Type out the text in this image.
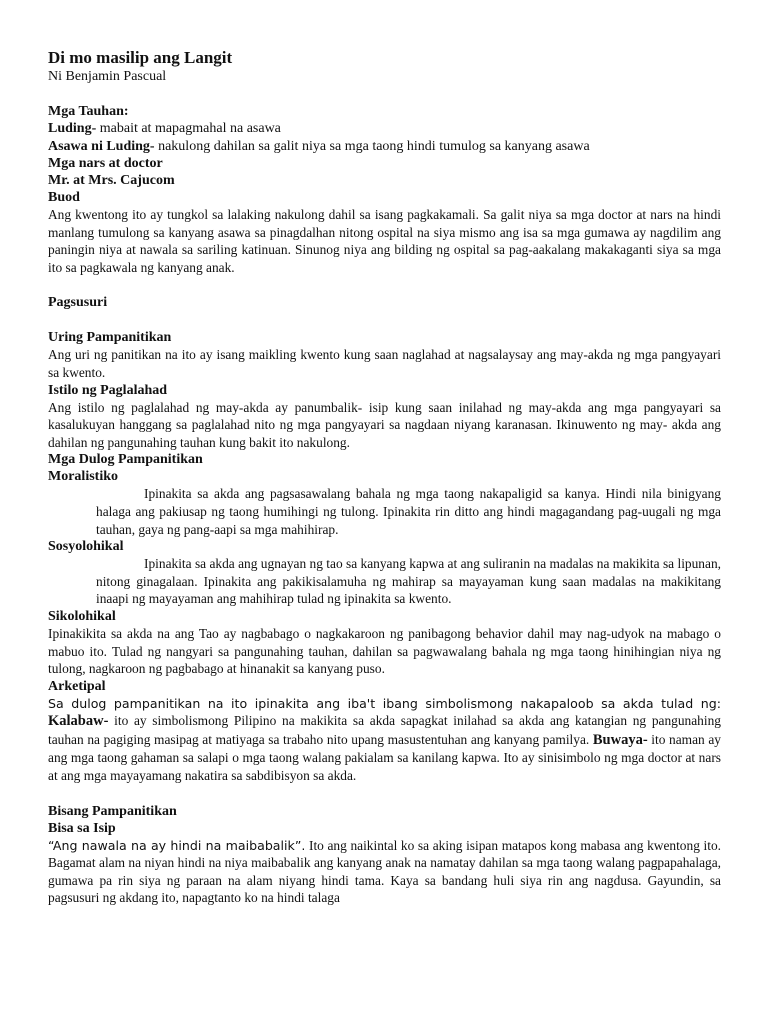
Di mo masilip ang Langit

Ni Benjamin Pascual

Mga Tauhan:

Luding- mabait at mapagmahal na asawa

Asawa ni Luding- nakulong dahilan sa galit niya sa mga taong hindi tumulog sa kanyang asawa

Mga nars at doctor

Mr. at Mrs. Cajucom

Buod

Ang kwentong ito ay tungkol sa lalaking nakulong dahil sa isang pagkakamali. Sa galit niya sa mga doctor at nars na hindi manlang tumulong sa kanyang asawa sa pinagdalhan nitong ospital na siya mismo ang isa sa mga gumawa ay nagdilim ang paningin niya at nawala sa sariling katinuan. Sinunog niya ang bilding ng ospital sa pag-aakalang makakaganti siya sa mga ito sa pagkawala ng kanyang anak.

Pagsusuri

Uring Pampanitikan

Ang uri ng panitikan na ito ay isang maikling kwento kung saan naglahad at nagsalaysay ang may-akda ng mga pangyayari sa kwento.

Istilo ng Paglalahad

Ang istilo ng paglalahad ng may-akda ay panumbalik- isip kung saan inilahad ng may-akda ang mga pangyayari sa kasalukuyan hanggang sa paglalahad nito ng mga pangyayari sa nagdaan niyang karanasan. Ikinuwento ng may- akda ang dahilan ng pangunahing tauhan kung bakit ito nakulong.

Mga Dulog Pampanitikan

Moralistiko

Ipinakita sa akda ang pagsasawalang bahala ng mga taong nakapaligid sa kanya. Hindi nila binigyang halaga ang pakiusap ng taong humihingi ng tulong. Ipinakita rin ditto ang hindi magagandang pag-uugali ng mga tauhan, gaya ng pang-aapi sa mga mahihirap.

Sosyolohikal

Ipinakita sa akda ang ugnayan ng tao sa kanyang kapwa at ang suliranin na madalas na makikita sa lipunan, nitong ginagalaan. Ipinakita ang pakikisalamuha ng mahirap sa mayayaman kung saan madalas na makikitang inaapi ng mayayaman ang mahihirap tulad ng ipinakita sa kwento.

Sikolohikal

Ipinakikita sa akda na ang Tao ay nagbabago o nagkakaroon ng panibagong behavior dahil may nag-udyok na mabago o mabuo ito. Tulad ng nangyari sa pangunahing tauhan, dahilan sa pagwawalang bahala ng mga taong hinihingian niya ng tulong, nagkaroon ng pagbabago at hinanakit sa kanyang puso.

Arketipal

Sa dulog pampanitikan na ito ipinakita ang iba't ibang simbolismong nakapaloob sa akda tulad ng: Kalabaw- ito ay simbolismong Pilipino na makikita sa akda sapagkat inilahad sa akda ang katangian ng pangunahing tauhan na pagiging masipag at matiyaga sa trabaho nito upang masustentuhan ang kanyang pamilya. Buwaya- ito naman ay ang mga taong gahaman sa salapi o mga taong walang pakialam sa kanilang kapwa. Ito ay sinisimbolo ng mga doctor at nars at ang mga mayayamang nakatira sa sabdibisyon sa akda.

Bisang Pampanitikan

Bisa sa Isip

“Ang nawala na ay hindi na maibabalik”. Ito ang naikintal ko sa aking isipan matapos kong mabasa ang kwentong ito. Bagamat alam na niyan hindi na niya maibabalik ang kanyang anak na namatay dahilan sa mga taong walang pagpapahalaga, gumawa pa rin siya ng paraan na alam niyang hindi tama. Kaya sa bandang huli siya rin ang nagdusa. Gayundin, sa pagsusuri ng akdang ito, napagtanto ko na hindi talaga
